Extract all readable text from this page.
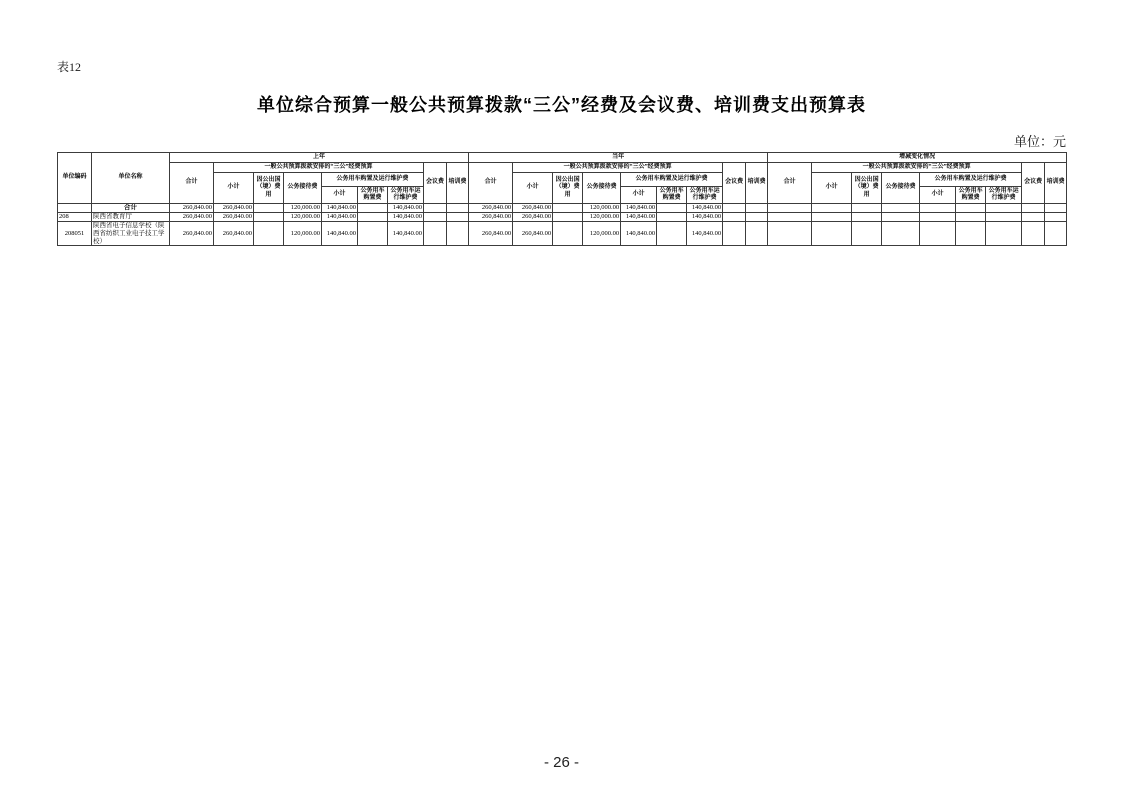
表12
单位综合预算一般公共预算拨款“三公”经费及会议费、培训费支出预算表
单位：元
单位编码	单位名称	上年									当年									增减变化情况								
		合计	一般公共预算拨款安排的“三公”经费预算						会议费	培训费	合计	一般公共预算拨款安排的“三公”经费预算						会议费	培训费	合计	一般公共预算拨款安排的“三公”经费预算						会议费	培训费
			小计	因公出国（境）费用	公务接待费	公务用车购置及运行维护费						小计	因公出国（境）费用	公务接待费	公务用车购置及运行维护费						小计	因公出国（境）费用	公务接待费	公务用车购置及运行维护费				
						小计	公务用车购置费	公务用车运行维护费							小计	公务用车购置费	公务用车运行维护费							小计	公务用车购置费	公务用车运行维护费		
	合计	260,840.00	260,840.00		120,000.00	140,840.00		140,840.00			260,840.00	260,840.00		120,000.00	140,840.00		140,840.00											
208	陕西省教育厅	260,840.00	260,840.00		120,000.00	140,840.00		140,840.00			260,840.00	260,840.00		120,000.00	140,840.00		140,840.00											
208051	陕西省电子信息学校（陕西省纺织工业电子技工学校）	260,840.00	260,840.00		120,000.00	140,840.00		140,840.00			260,840.00	260,840.00		120,000.00	140,840.00		140,840.00											
- 26 -
